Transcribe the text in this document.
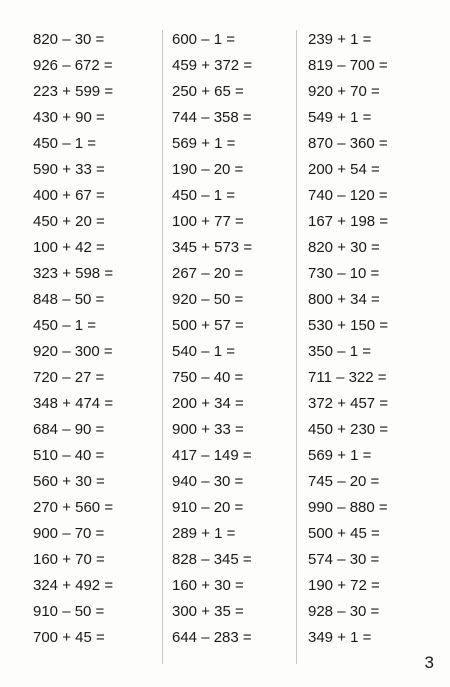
820 – 30 =
926 – 672 =
223 + 599 =
430 + 90 =
450 – 1 =
590 + 33 =
400 + 67 =
450 + 20 =
100 + 42 =
323 + 598 =
848 – 50 =
450 – 1 =
920 – 300 =
720 – 27 =
348 + 474 =
684 – 90 =
510 – 40 =
560 + 30 =
270 + 560 =
900 – 70 =
160 + 70 =
324 + 492 =
910 – 50 =
700 + 45 =
600 – 1 =
459 + 372 =
250 + 65 =
744 – 358 =
569 + 1 =
190 – 20 =
450 – 1 =
100 + 77 =
345 + 573 =
267 – 20 =
920 – 50 =
500 + 57 =
540 – 1 =
750 – 40 =
200 + 34 =
900 + 33 =
417 – 149 =
940 – 30 =
910 – 20 =
289 + 1 =
828 – 345 =
160 + 30 =
300 + 35 =
644 – 283 =
239 + 1 =
819 – 700 =
920 + 70 =
549 + 1 =
870 – 360 =
200 + 54 =
740 – 120 =
167 + 198 =
820 + 30 =
730 – 10 =
800 + 34 =
530 + 150 =
350 – 1 =
711 – 322 =
372 + 457 =
450 + 230 =
569 + 1 =
745 – 20 =
990 – 880 =
500 + 45 =
574 – 30 =
190 + 72 =
928 – 30 =
349 + 1 =
3
